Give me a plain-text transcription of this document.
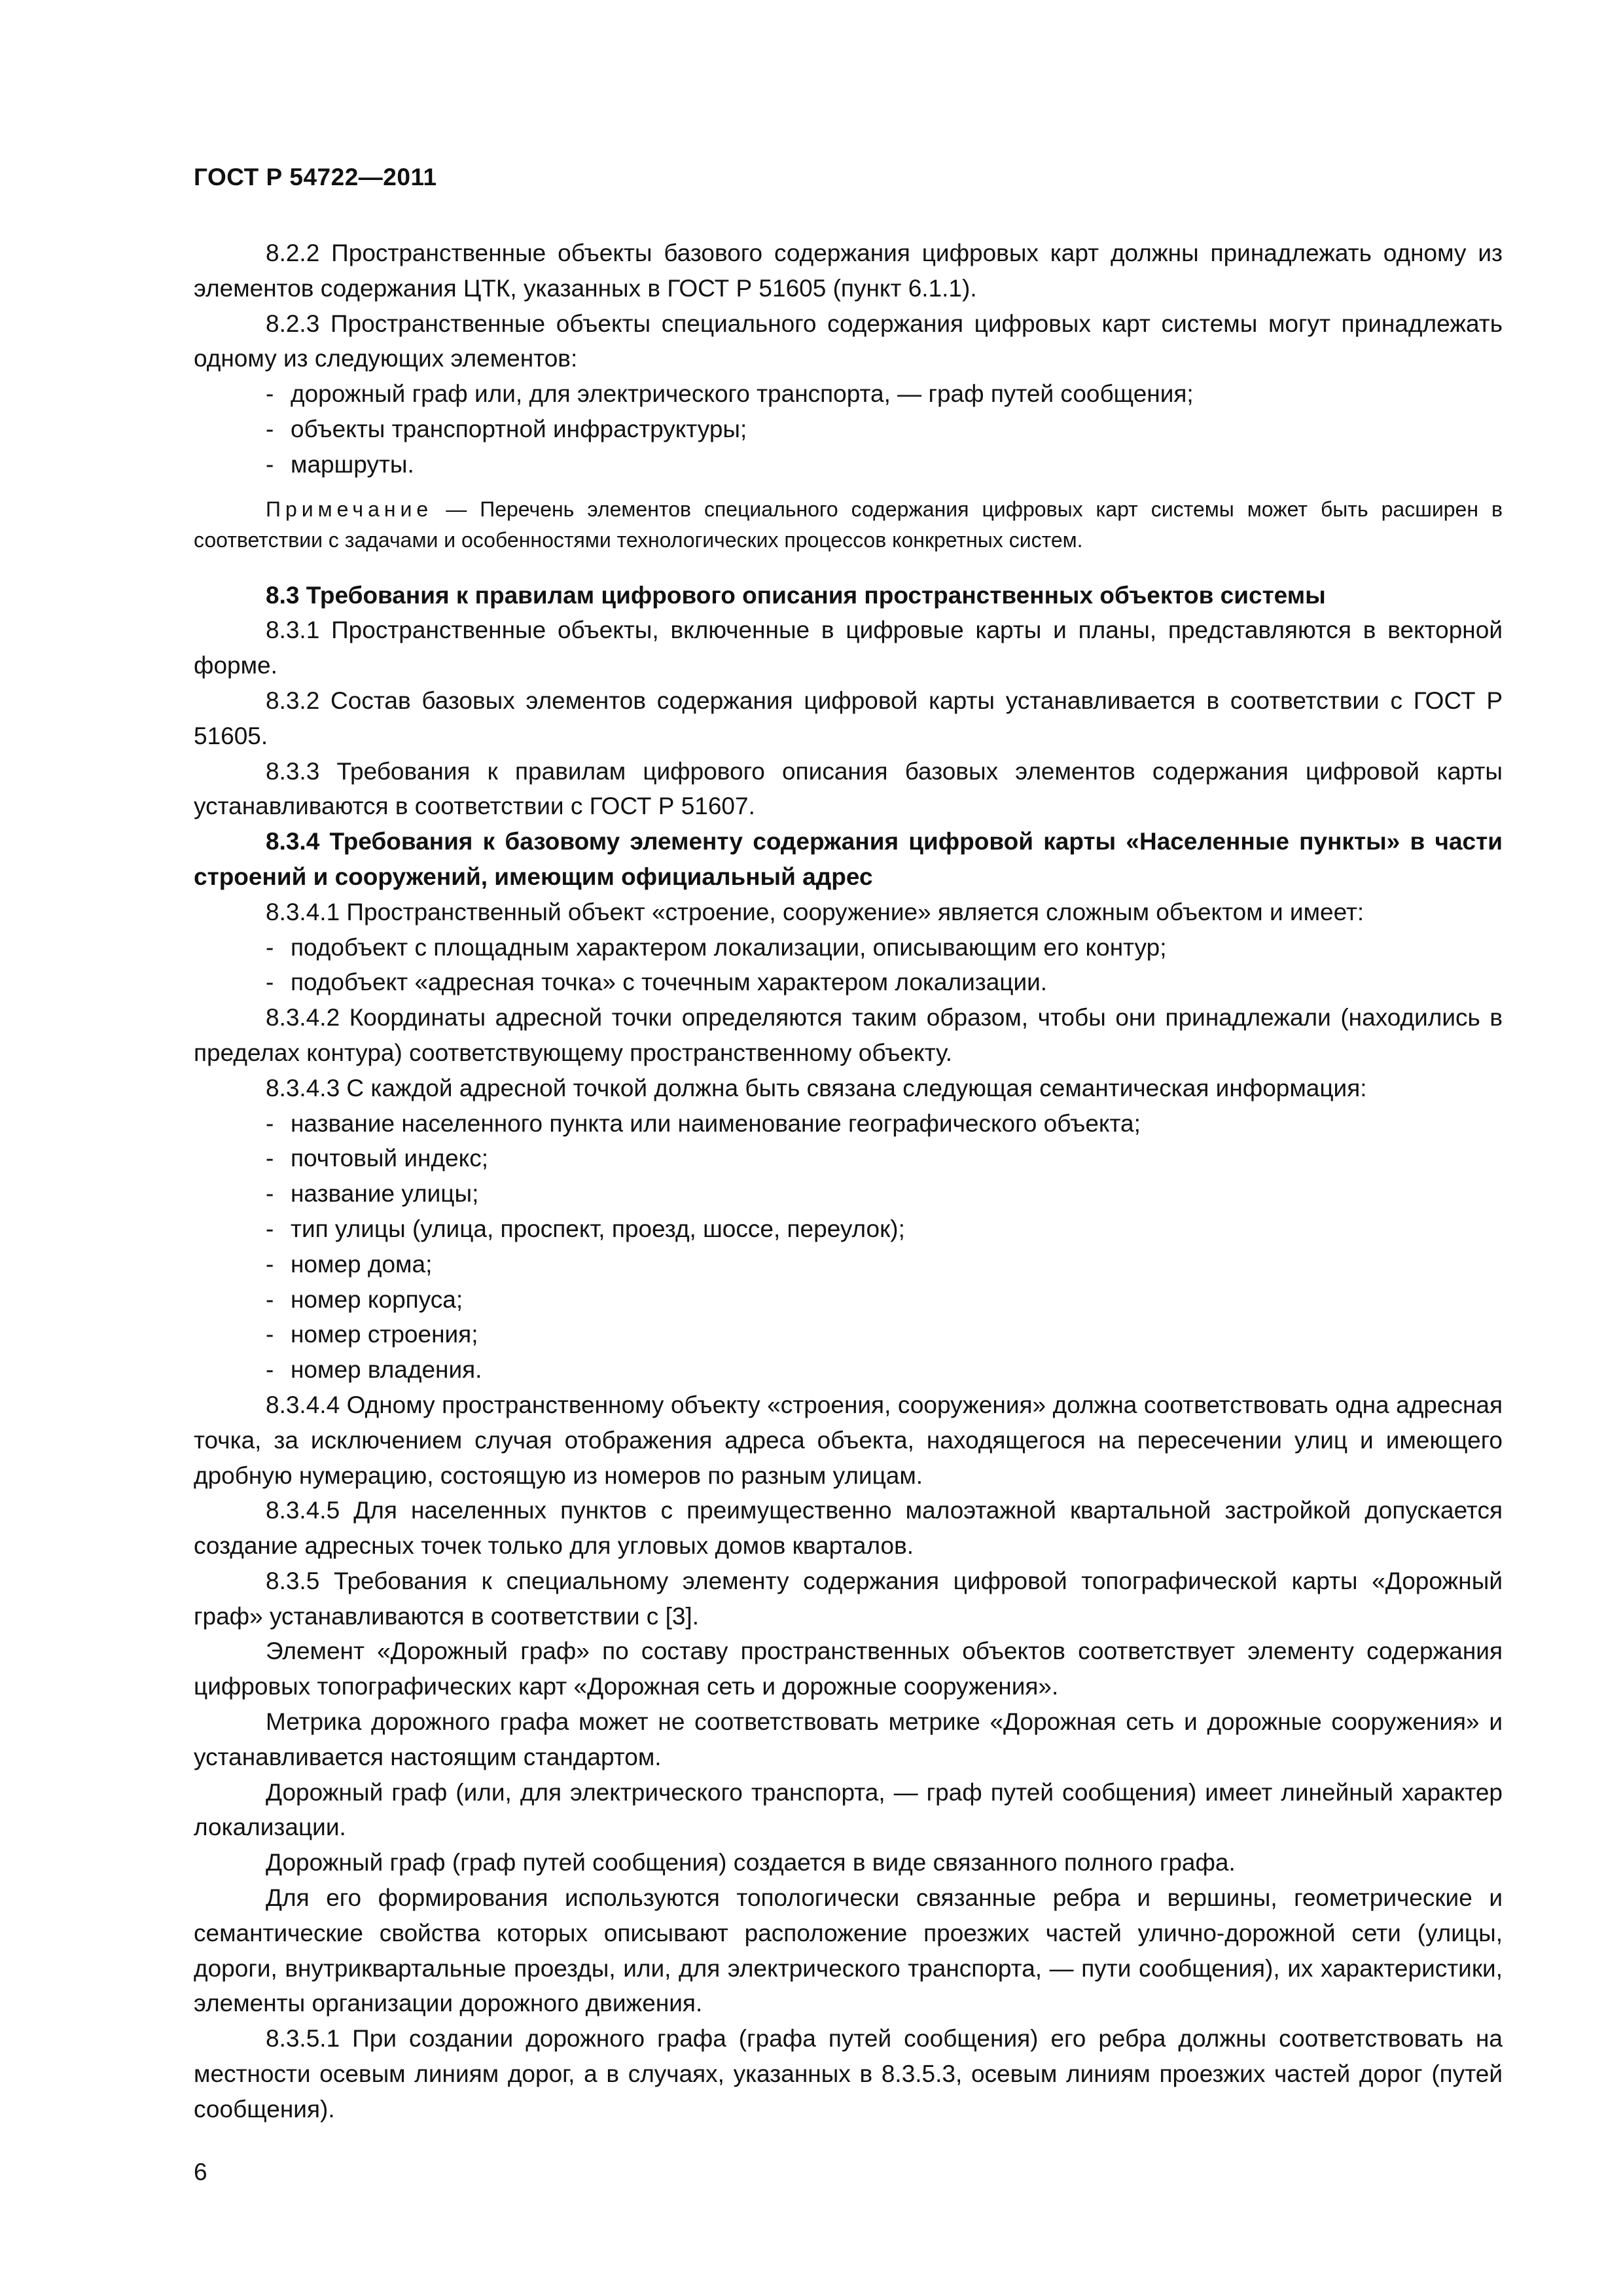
ГОСТ Р 54722—2011

8.2.2 Пространственные объекты базового содержания цифровых карт должны принадлежать одному из элементов содержания ЦТК, указанных в ГОСТ Р 51605 (пункт 6.1.1).

8.2.3 Пространственные объекты специального содержания цифровых карт системы могут принадлежать одному из следующих элементов:

- дорожный граф или, для электрического транспорта, — граф путей сообщения;

- объекты транспортной инфраструктуры;

- маршруты.

Примечание — Перечень элементов специального содержания цифровых карт системы может быть расширен в соответствии с задачами и особенностями технологических процессов конкретных систем.

8.3 Требования к правилам цифрового описания пространственных объектов системы

8.3.1 Пространственные объекты, включенные в цифровые карты и планы, представляются в векторной форме.

8.3.2 Состав базовых элементов содержания цифровой карты устанавливается в соответствии с ГОСТ Р 51605.

8.3.3 Требования к правилам цифрового описания базовых элементов содержания цифровой карты устанавливаются в соответствии с ГОСТ Р 51607.

8.3.4 Требования к базовому элементу содержания цифровой карты «Населенные пункты» в части строений и сооружений, имеющим официальный адрес

8.3.4.1 Пространственный объект «строение, сооружение» является сложным объектом и имеет:

- подобъект с площадным характером локализации, описывающим его контур;

- подобъект «адресная точка» с точечным характером локализации.

8.3.4.2 Координаты адресной точки определяются таким образом, чтобы они принадлежали (находились в пределах контура) соответствующему пространственному объекту.

8.3.4.3 С каждой адресной точкой должна быть связана следующая семантическая информация:

- название населенного пункта или наименование географического объекта;

- почтовый индекс;

- название улицы;

- тип улицы (улица, проспект, проезд, шоссе, переулок);

- номер дома;

- номер корпуса;

- номер строения;

- номер владения.

8.3.4.4 Одному пространственному объекту «строения, сооружения» должна соответствовать одна адресная точка, за исключением случая отображения адреса объекта, находящегося на пересечении улиц и имеющего дробную нумерацию, состоящую из номеров по разным улицам.

8.3.4.5 Для населенных пунктов с преимущественно малоэтажной квартальной застройкой допускается создание адресных точек только для угловых домов кварталов.

8.3.5 Требования к специальному элементу содержания цифровой топографической карты «Дорожный граф» устанавливаются в соответствии с [3].

Элемент «Дорожный граф» по составу пространственных объектов соответствует элементу содержания цифровых топографических карт «Дорожная сеть и дорожные сооружения».

Метрика дорожного графа может не соответствовать метрике «Дорожная сеть и дорожные сооружения» и устанавливается настоящим стандартом.

Дорожный граф (или, для электрического транспорта, — граф путей сообщения) имеет линейный характер локализации.

Дорожный граф (граф путей сообщения) создается в виде связанного полного графа.

Для его формирования используются топологически связанные ребра и вершины, геометрические и семантические свойства которых описывают расположение проезжих частей улично-дорожной сети (улицы, дороги, внутриквартальные проезды, или, для электрического транспорта, — пути сообщения), их характеристики, элементы организации дорожного движения.

8.3.5.1 При создании дорожного графа (графа путей сообщения) его ребра должны соответствовать на местности осевым линиям дорог, а в случаях, указанных в 8.3.5.3, осевым линиям проезжих частей дорог (путей сообщения).

6
